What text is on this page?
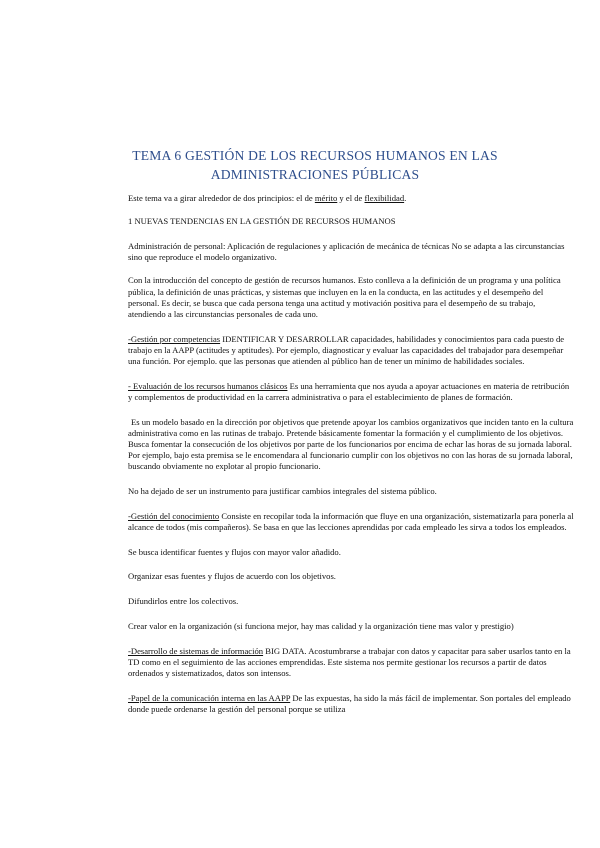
TEMA 6 GESTIÓN DE LOS RECURSOS HUMANOS EN LAS
ADMINISTRACIONES PÚBLICAS

Este tema va a girar alrededor de dos principios: el de mérito y el de flexibilidad.

1 NUEVAS TENDENCIAS EN LA GESTIÓN DE RECURSOS HUMANOS

Administración de personal: Aplicación de regulaciones y aplicación de mecánica de técnicas No se adapta a las circunstancias sino que reproduce el modelo organizativo.

Con la introducción del concepto de gestión de recursos humanos. Esto conlleva a la definición de un programa y una política pública, la definición de unas prácticas, y sistemas que incluyen en la en la conducta, en las actitudes y el desempeño del personal. Es decir, se busca que cada persona tenga una actitud y motivación positiva para el desempeño de su trabajo, atendiendo a las circunstancias personales de cada uno.

-Gestión por competencias IDENTIFICAR Y DESARROLLAR capacidades, habilidades y conocimientos para cada puesto de trabajo en la AAPP (actitudes y aptitudes). Por ejemplo, diagnosticar y evaluar las capacidades del trabajador para desempeñar una función. Por ejemplo. que las personas que atienden al público han de tener un mínimo de habilidades sociales.

- Evaluación de los recursos humanos clásicos Es una herramienta que nos ayuda a apoyar actuaciones en materia de retribución y complementos de productividad en la carrera administrativa o para el establecimiento de planes de formación.

Es un modelo basado en la dirección por objetivos que pretende apoyar los cambios organizativos que inciden tanto en la cultura administrativa como en las rutinas de trabajo. Pretende básicamente fomentar la formación y el cumplimiento de los objetivos. Busca fomentar la consecución de los objetivos por parte de los funcionarios por encima de echar las horas de su jornada laboral. Por ejemplo, bajo esta premisa se le encomendara al funcionario cumplir con los objetivos no con las horas de su jornada laboral, buscando obviamente no explotar al propio funcionario.

No ha dejado de ser un instrumento para justificar cambios integrales del sistema público.

-Gestión del conocimiento Consiste en recopilar toda la información que fluye en una organización, sistematizarla para ponerla al alcance de todos (mis compañeros). Se basa en que las lecciones aprendidas por cada empleado les sirva a todos los empleados.

Se busca identificar fuentes y flujos con mayor valor añadido.

Organizar esas fuentes y flujos de acuerdo con los objetivos.

Difundirlos entre los colectivos.

Crear valor en la organización (si funciona mejor, hay mas calidad y la organización tiene mas valor y prestigio)

-Desarrollo de sistemas de información BIG DATA. Acostumbrarse a trabajar con datos y capacitar para saber usarlos tanto en la TD como en el seguimiento de las acciones emprendidas. Este sistema nos permite gestionar los recursos a partir de datos ordenados y sistematizados, datos son intensos.

-Papel de la comunicación interna en las AAPP De las expuestas, ha sido la más fácil de implementar. Son portales del empleado donde puede ordenarse la gestión del personal porque se utiliza
